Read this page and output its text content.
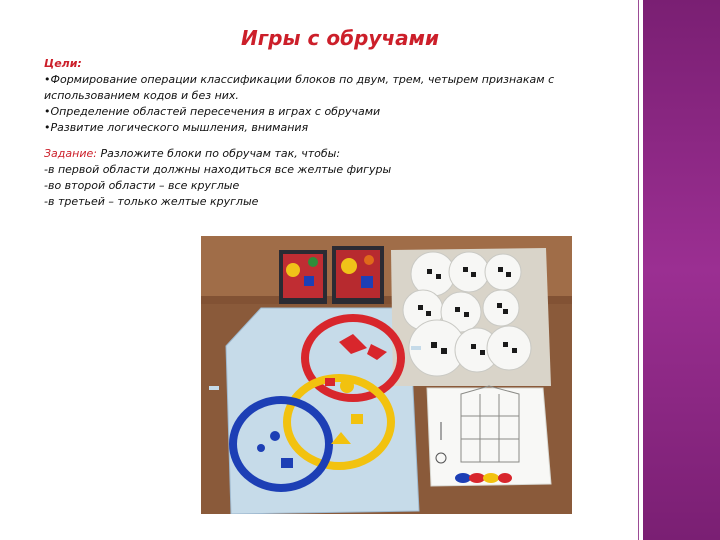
Игры с обручами
Цели:
•Формирование операции классификации блоков по двум, трем, четырем признакам с
использованием кодов и без них.
•Определение областей пересечения в играх с обручами
•Развитие логического мышления, внимания
Задание: Разложите блоки по обручам так, чтобы:
-в первой области должны находиться все желтые фигуры
-во второй области – все круглые
-в третьей – только желтые круглые
